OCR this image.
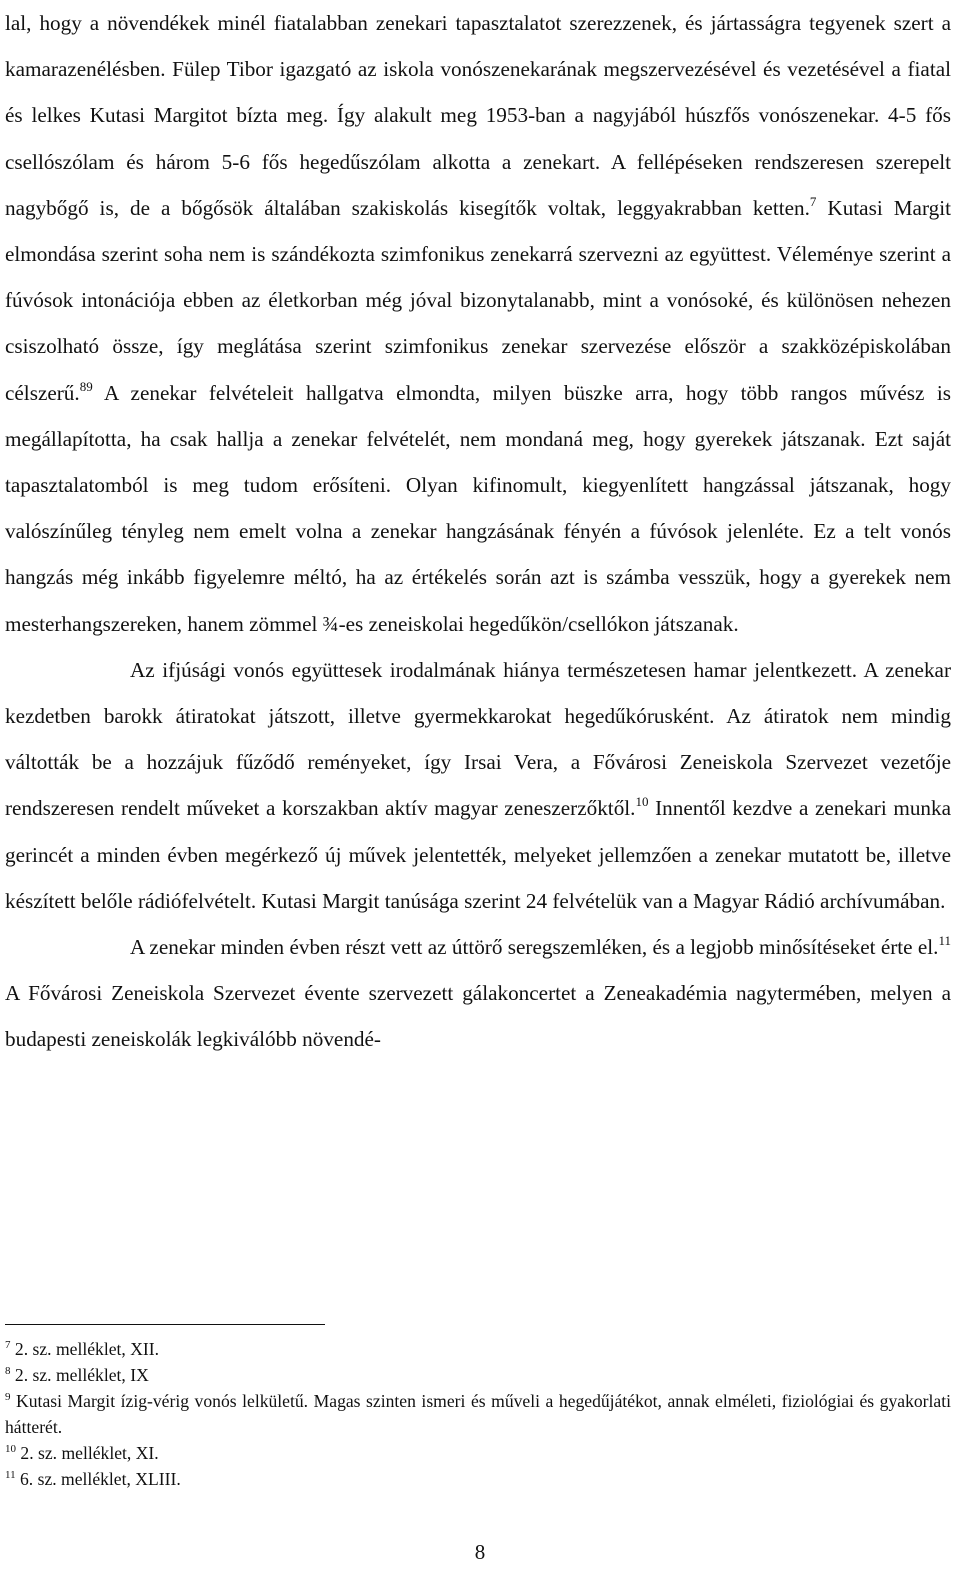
lal, hogy a növendékek minél fiatalabban zenekari tapasztalatot szerezzenek, és jártasságra tegyenek szert a kamarazenélésben. Fülep Tibor igazgató az iskola vonószenekarának megszervezésével és vezetésével a fiatal és lelkes Kutasi Margitot bízta meg. Így alakult meg 1953-ban a nagyjából húszfős vonószenekar. 4-5 fős csellószólam és három 5-6 fős hegedűszólam alkotta a zenekart. A fellépéseken rendszeresen szerepelt nagybőgő is, de a bőgősök általában szakiskolás kisegítők voltak, leggyakrabban ketten.$^7$ Kutasi Margit elmondása szerint soha nem is szándékozta szimfonikus zenekarrá szervezni az együttest. Véleménye szerint a fúvósok intonációja ebben az életkorban még jóval bizonytalanabb, mint a vonósoké, és különösen nehezen csiszolható össze, így meglátása szerint szimfonikus zenekar szervezése először a szakközépiskolában célszerű.$^{89}$ A zenekar felvételeit hallgatva elmondta, milyen büszke arra, hogy több rangos művész is megállapította, ha csak hallja a zenekar felvételét, nem mondaná meg, hogy gyerekek játszanak. Ezt saját tapasztalatomból is meg tudom erősíteni. Olyan kifinomult, kiegyenlített hangzással játszanak, hogy valószínűleg tényleg nem emelt volna a zenekar hangzásának fényén a fúvósok jelenléte. Ez a telt vonós hangzás még inkább figyelemre méltó, ha az értékelés során azt is számba vesszük, hogy a gyerekek nem mesterhangszereken, hanem zömmel ¾-es zeneiskolai hegedűkön/csellókon játszanak.

Az ifjúsági vonós együttesek irodalmának hiánya természetesen hamar jelentkezett. A zenekar kezdetben barokk átiratokat játszott, illetve gyermekkarokat hegedűkórusként. Az átiratok nem mindig váltották be a hozzájuk fűződő reményeket, így Irsai Vera, a Fővárosi Zeneiskola Szervezet vezetője rendszeresen rendelt műveket a korszakban aktív magyar zeneszerzőktől.$^{10}$ Innentől kezdve a zenekari munka gerincét a minden évben megérkező új művek jelentették, melyeket jellemzően a zenekar mutatott be, illetve készített belőle rádiófelvételt. Kutasi Margit tanúsága szerint 24 felvételük van a Magyar Rádió archívumában.

A zenekar minden évben részt vett az úttörő seregszemléken, és a legjobb minősítéseket érte el.$^{11}$ A Fővárosi Zeneiskola Szervezet évente szervezett gálakoncertet a Zeneakadémia nagytermében, melyen a budapesti zeneiskolák legkiválóbb növendé-

$^7$ 2. sz. melléklet, XII.

$^8$ 2. sz. melléklet, IX

$^9$ Kutasi Margit ízig-vérig vonós lelkületű. Magas szinten ismeri és műveli a hegedűjátékot, annak elméleti, fiziológiai és gyakorlati hátterét.

$^{10}$ 2. sz. melléklet, XI.

$^{11}$ 6. sz. melléklet, XLIII.

8
